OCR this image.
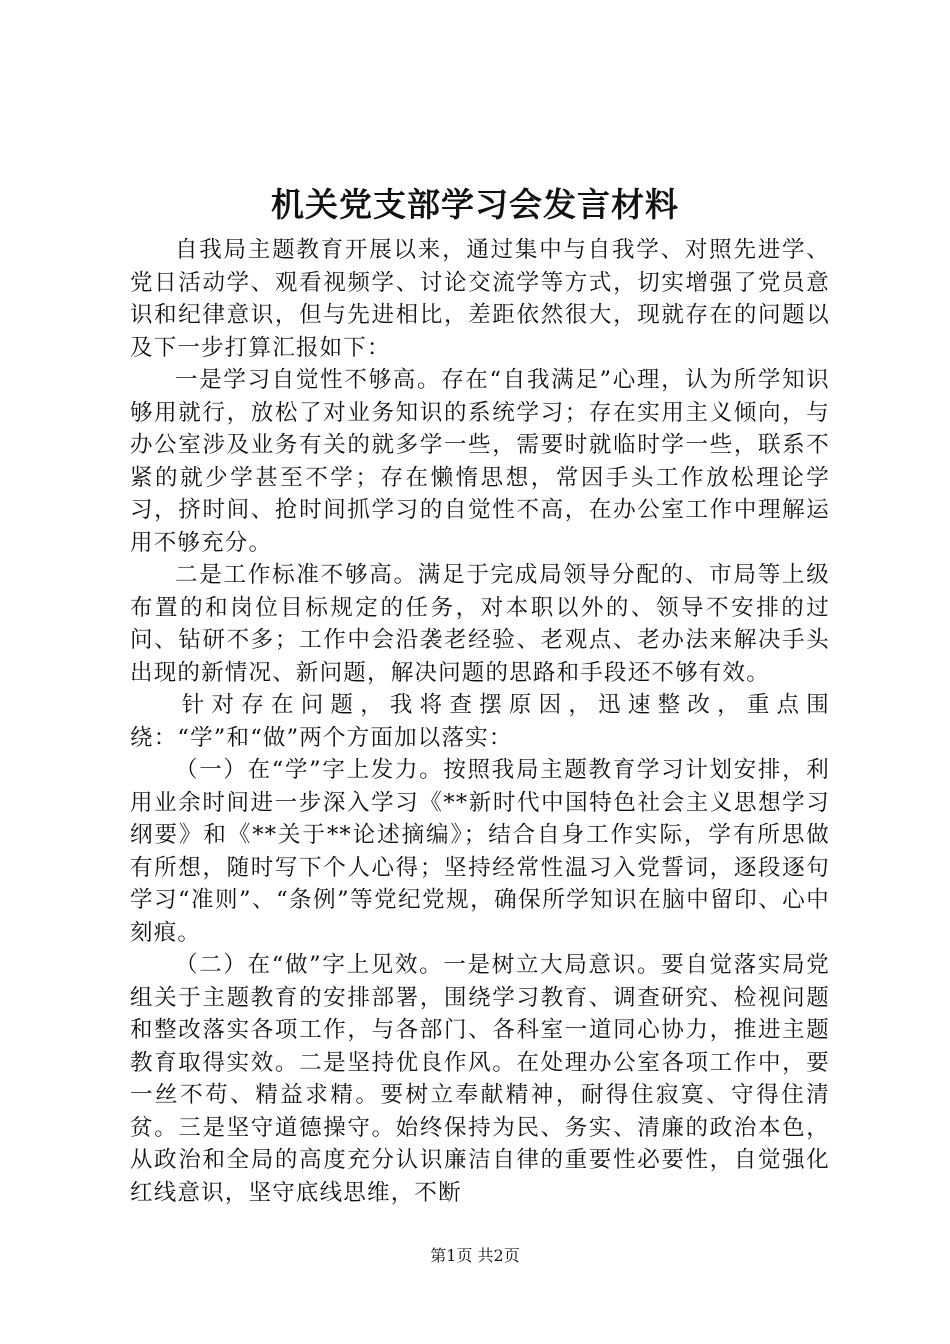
机关党支部学习会发言材料

自我局主题教育开展以来，通过集中与自我学、对照先进学、党日活动学、观看视频学、讨论交流学等方式，切实增强了党员意识和纪律意识，但与先进相比，差距依然很大，现就存在的问题以及下一步打算汇报如下：

一是学习自觉性不够高。存在“自我满足”心理，认为所学知识够用就行，放松了对业务知识的系统学习；存在实用主义倾向，与办公室涉及业务有关的就多学一些，需要时就临时学一些，联系不紧的就少学甚至不学；存在懒惰思想，常因手头工作放松理论学习，挤时间、抢时间抓学习的自觉性不高，在办公室工作中理解运用不够充分。

二是工作标准不够高。满足于完成局领导分配的、市局等上级布置的和岗位目标规定的任务，对本职以外的、领导不安排的过问、钻研不多；工作中会沿袭老经验、老观点、老办法来解决手头出现的新情况、新问题，解决问题的思路和手段还不够有效。

针对存在问题，我将查摆原因，迅速整改，重点围绕：“学”和“做”两个方面加以落实：

（一）在“学”字上发力。按照我局主题教育学习计划安排，利用业余时间进一步深入学习《**新时代中国特色社会主义思想学习纲要》和《**关于**论述摘编》；结合自身工作实际，学有所思做有所想，随时写下个人心得；坚持经常性温习入党誓词，逐段逐句学习“准则”、“条例”等党纪党规，确保所学知识在脑中留印、心中刻痕。

（二）在“做”字上见效。一是树立大局意识。要自觉落实局党组关于主题教育的安排部署，围绕学习教育、调查研究、检视问题和整改落实各项工作，与各部门、各科室一道同心协力，推进主题教育取得实效。二是坚持优良作风。在处理办公室各项工作中，要一丝不苟、精益求精。要树立奉献精神，耐得住寂寞、守得住清贫。三是坚守道德操守。始终保持为民、务实、清廉的政治本色，从政治和全局的高度充分认识廉洁自律的重要性必要性，自觉强化红线意识，坚守底线思维，不断

第1页 共2页
